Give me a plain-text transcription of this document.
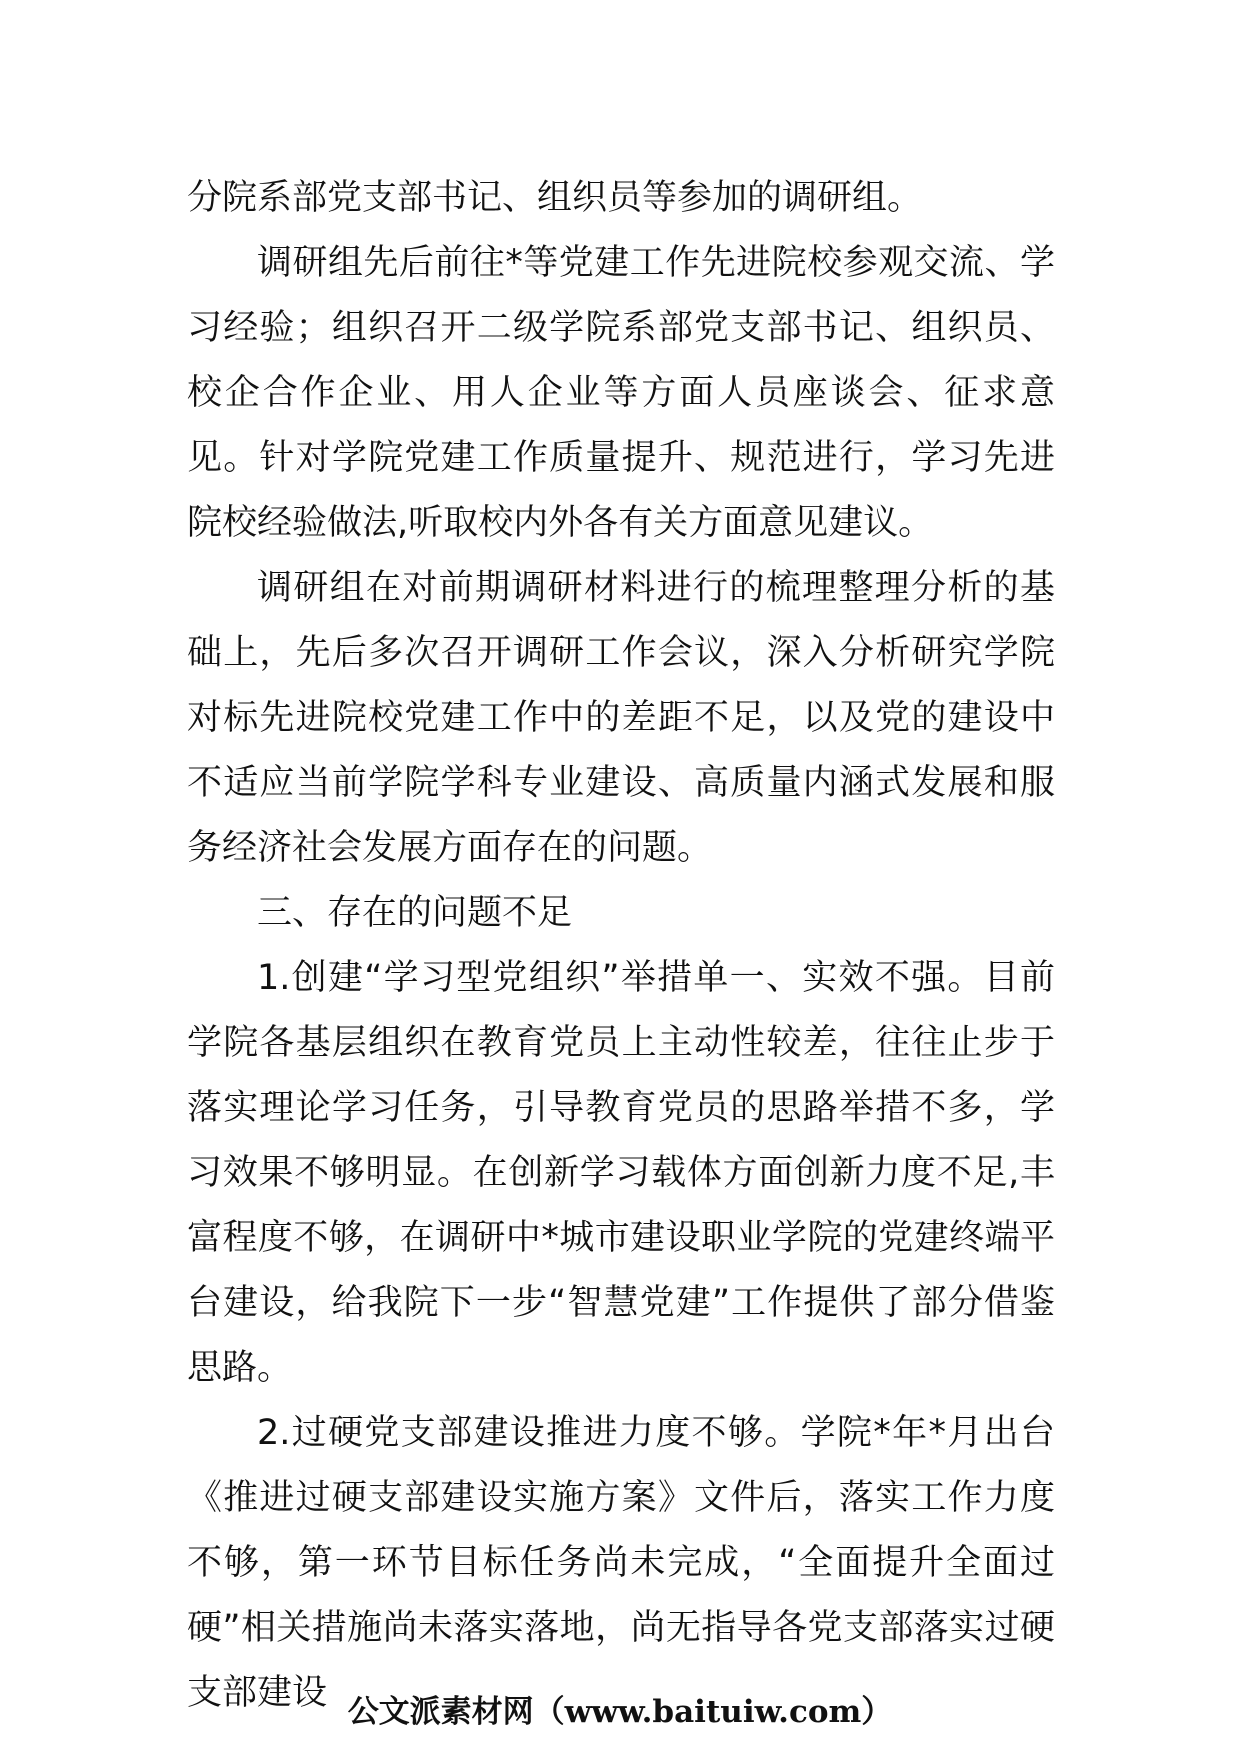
分院系部党支部书记、组织员等参加的调研组。

调研组先后前往*等党建工作先进院校参观交流、学习经验；组织召开二级学院系部党支部书记、组织员、校企合作企业、用人企业等方面人员座谈会、征求意见。针对学院党建工作质量提升、规范进行，学习先进院校经验做法,听取校内外各有关方面意见建议。

调研组在对前期调研材料进行的梳理整理分析的基础上，先后多次召开调研工作会议，深入分析研究学院对标先进院校党建工作中的差距不足，以及党的建设中不适应当前学院学科专业建设、高质量内涵式发展和服务经济社会发展方面存在的问题。

三、存在的问题不足

1.创建“学习型党组织”举措单一、实效不强。目前学院各基层组织在教育党员上主动性较差，往往止步于落实理论学习任务，引导教育党员的思路举措不多，学习效果不够明显。在创新学习载体方面创新力度不足,丰富程度不够，在调研中*城市建设职业学院的党建终端平台建设，给我院下一步“智慧党建”工作提供了部分借鉴思路。

2.过硬党支部建设推进力度不够。学院*年*月出台《推进过硬支部建设实施方案》文件后，落实工作力度不够，第一环节目标任务尚未完成，“全面提升全面过硬”相关措施尚未落实落地，尚无指导各党支部落实过硬支部建设 公文派素材网（www.baituiw.com）
